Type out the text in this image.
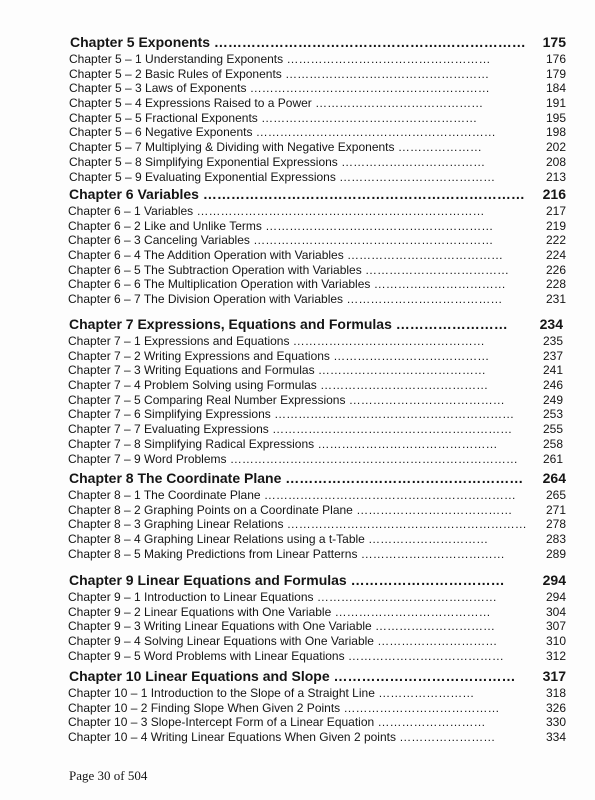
Chapter 5 Exponents ………………………………………….……………… 175
Chapter 5 – 1 Understanding Exponents ……………………………………………	176
Chapter 5 – 2 Basic Rules of Exponents ……………………………………………	179
Chapter 5 – 3 Laws of Exponents ……………………………………………………	184
Chapter 5 – 4 Expressions Raised to a Power ……………………………………	191
Chapter 5 – 5 Fractional Exponents ………………………………………………	195
Chapter 5 – 6 Negative Exponents ……………………………………………………	198
Chapter 5 – 7 Multiplying & Dividing with Negative Exponents …………………	202
Chapter 5 – 8 Simplifying Exponential Expressions ………………………………	208
Chapter 5 – 9 Evaluating Exponential Expressions …………………………………	213
Chapter 6 Variables …………………………………………………………… 216
Chapter 6 – 1 Variables ………………………………………………………………	217
Chapter 6 – 2 Like and Unlike Terms …………………………………………………	219
Chapter 6 – 3 Canceling Variables ……………………………………………………	222
Chapter 6 – 4 The Addition Operation with Variables …………………………………	224
Chapter 6 – 5 The Subtraction Operation with Variables ………………………………	226
Chapter 6 – 6 The Multiplication Operation with Variables ……………………………	228
Chapter 6 – 7 The Division Operation with Variables …………………………………	231
Chapter 7 Expressions, Equations and Formulas …………………… 234
Chapter 7 – 1 Expressions and Equations …………………………………………	235
Chapter 7 – 2 Writing Expressions and Equations …………………………………	237
Chapter 7 – 3 Writing Equations and Formulas ……………………………………	241
Chapter 7 – 4 Problem Solving using Formulas ……………………………………	246
Chapter 7 – 5 Comparing Real Number Expressions …………………………………	249
Chapter 7 – 6 Simplifying Expressions …………………………………………………… 253
Chapter 7 – 7 Evaluating Expressions ……………………………………………………	255
Chapter 7 – 8 Simplifying Radical Expressions ………………………………………	258
Chapter 7 – 9 Word Problems ……………………………………………………………… 261
Chapter 8 The Coordinate Plane …………………………………………… 264
Chapter 8 – 1 The Coordinate Plane ………………………………………………………	265
Chapter 8 – 2 Graphing Points on a Coordinate Plane …………………………………	271
Chapter 8 – 3 Graphing Linear Relations …………………………………………………… 278
Chapter 8 – 4 Graphing Linear Relations using a t-Table …………………………	283
Chapter 8 – 5 Making Predictions from Linear Patterns ………………………………	289
Chapter 9 Linear Equations and Formulas ……………………………	294
Chapter 9 – 1 Introduction to Linear Equations ………………………………………	294
Chapter 9 – 2 Linear Equations with One Variable …………………………………	304
Chapter 9 – 3 Writing Linear Equations with One Variable …………………………	307
Chapter 9 – 4 Solving Linear Equations with One Variable …………………………	310
Chapter 9 – 5 Word Problems with Linear Equations …………………………………	312
Chapter 10 Linear Equations and Slope ………………………………… 317
Chapter 10 – 1 Introduction to the Slope of a Straight Line ……………………	318
Chapter 10 – 2 Finding Slope When Given 2 Points …………………………………	326
Chapter 10 – 3 Slope-Intercept Form of a Linear Equation ………………………	330
Chapter 10 – 4 Writing Linear Equations When Given 2 points ……………………	334
Page 30 of 504
